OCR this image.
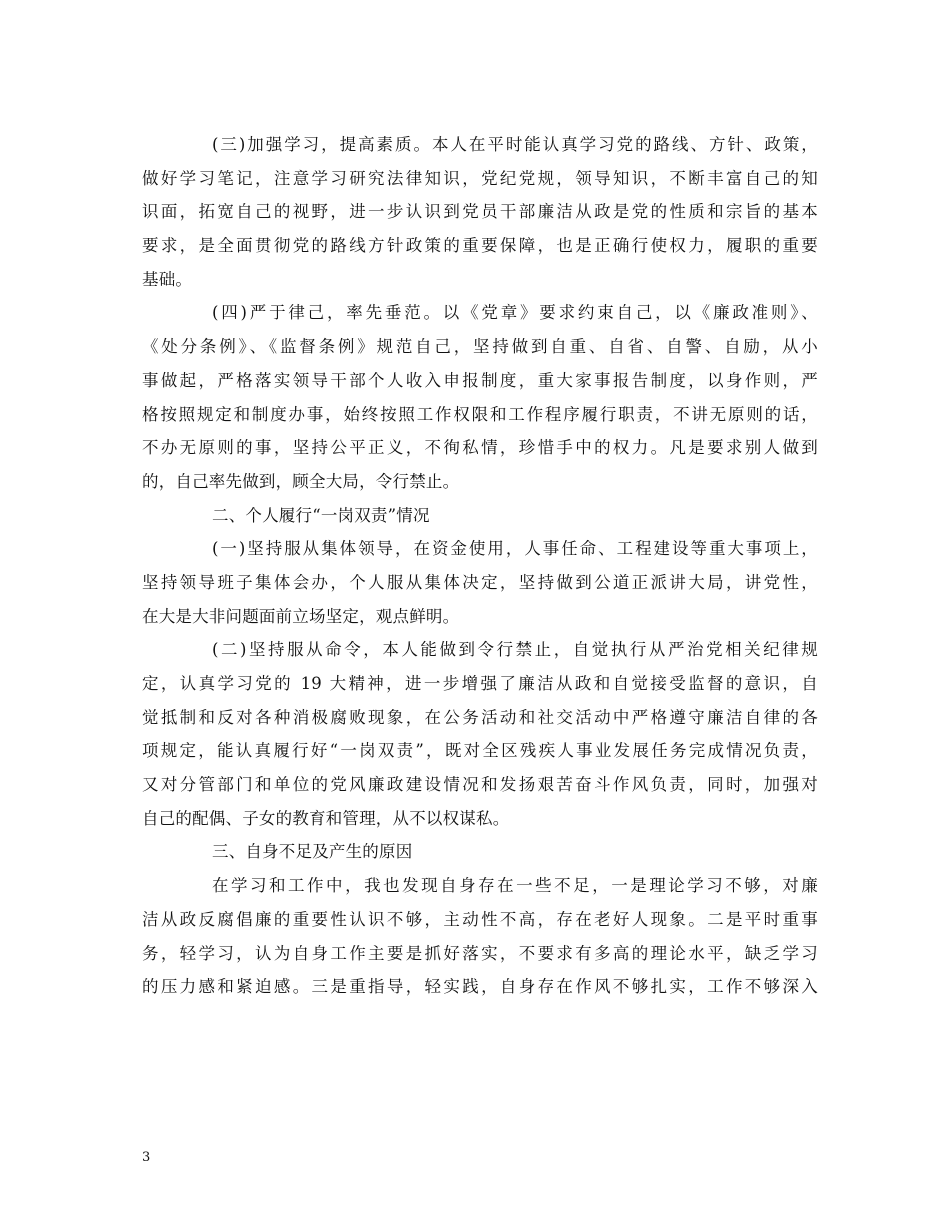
(三)加强学习，提高素质。本人在平时能认真学习党的路线、方针、政策，
做好学习笔记，注意学习研究法律知识，党纪党规，领导知识，不断丰富自己的知
识面，拓宽自己的视野，进一步认识到党员干部廉洁从政是党的性质和宗旨的基本
要求，是全面贯彻党的路线方针政策的重要保障，也是正确行使权力，履职的重要
基础。
(四)严于律己，率先垂范。以《党章》要求约束自己，以《廉政准则》、
《处分条例》、《监督条例》规范自己，坚持做到自重、自省、自警、自励，从小
事做起，严格落实领导干部个人收入申报制度，重大家事报告制度，以身作则，严
格按照规定和制度办事，始终按照工作权限和工作程序履行职责，不讲无原则的话，
不办无原则的事，坚持公平正义，不徇私情，珍惜手中的权力。凡是要求别人做到
的，自己率先做到，顾全大局，令行禁止。
二、个人履行“一岗双责”情况
(一)坚持服从集体领导，在资金使用，人事任命、工程建设等重大事项上，
坚持领导班子集体会办，个人服从集体决定，坚持做到公道正派讲大局，讲党性，
在大是大非问题面前立场坚定，观点鲜明。
(二)坚持服从命令，本人能做到令行禁止，自觉执行从严治党相关纪律规
定，认真学习党的 19 大精神，进一步增强了廉洁从政和自觉接受监督的意识，自
觉抵制和反对各种消极腐败现象，在公务活动和社交活动中严格遵守廉洁自律的各
项规定，能认真履行好“一岗双责”，既对全区残疾人事业发展任务完成情况负责，
又对分管部门和单位的党风廉政建设情况和发扬艰苦奋斗作风负责，同时，加强对
自己的配偶、子女的教育和管理，从不以权谋私。
三、自身不足及产生的原因
在学习和工作中，我也发现自身存在一些不足，一是理论学习不够，对廉
洁从政反腐倡廉的重要性认识不够，主动性不高，存在老好人现象。二是平时重事
务，轻学习，认为自身工作主要是抓好落实，不要求有多高的理论水平，缺乏学习
的压力感和紧迫感。三是重指导，轻实践，自身存在作风不够扎实，工作不够深入
3
